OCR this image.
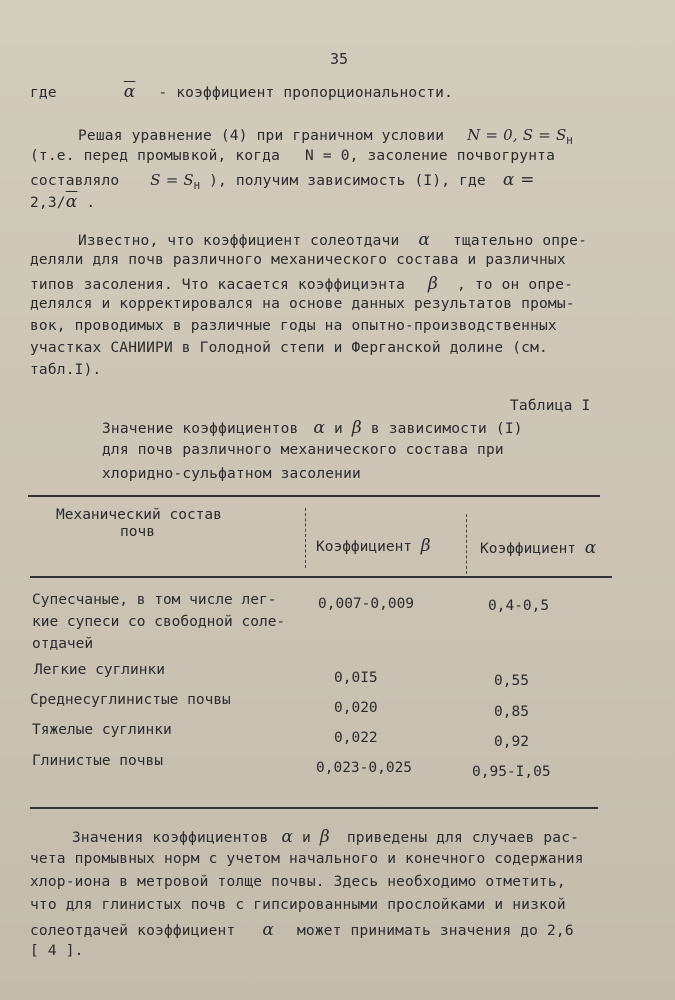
35
где	$\overline{\alpha}$ - коэффициент пропорциональности.
Решая уравнение (4) при граничном условии N = 0, $S = S_Н$
(т.е. перед промывкой, когда N = 0, засоление почвогрунта
составляло $S = S_Н$ ), получим зависимость (I), где α =
$2,3/\overline{\alpha}$ .
Известно, что коэффициент солеотдачи α тщательно опре-
деляли для почв различного механического состава и различных
типов засоления. Что касается коэффициэнта β , то он опре-
делялся и корректировался на основе данных результатов промы-
вок, проводимых в различные годы на опытно-производственных
участках САНИИРИ в Голодной степи и Ферганской долине (см.
табл.I).
Таблица I
Значение коэффициентов α и β в зависимости (I)
для почв различного механического состава при
хлоридно-сульфатном засолении
Механический состав
почв
Коэффициент β	Коэффициент α
Супесчаные, в том числе лег-
кие супеси со свободной соле-
отдачей
0,007-0,009	0,4-0,5
Легкие суглинки	0,0I5	0,55
Среднесуглинистые почвы	0,020	0,85
Тяжелые суглинки	0,022	0,92
Глинистые почвы	0,023-0,025	0,95-I,05
Значения коэффициентов α и β приведены для случаев рас-
чета промывных норм с учетом начального и конечного содержания
хлор-иона в метровой толще почвы. Здесь необходимо отметить,
что для глинистых почв с гипсированными прослойками и низкой
солеотдачей коэффициент α может принимать значения до 2,6
[ 4 ].
